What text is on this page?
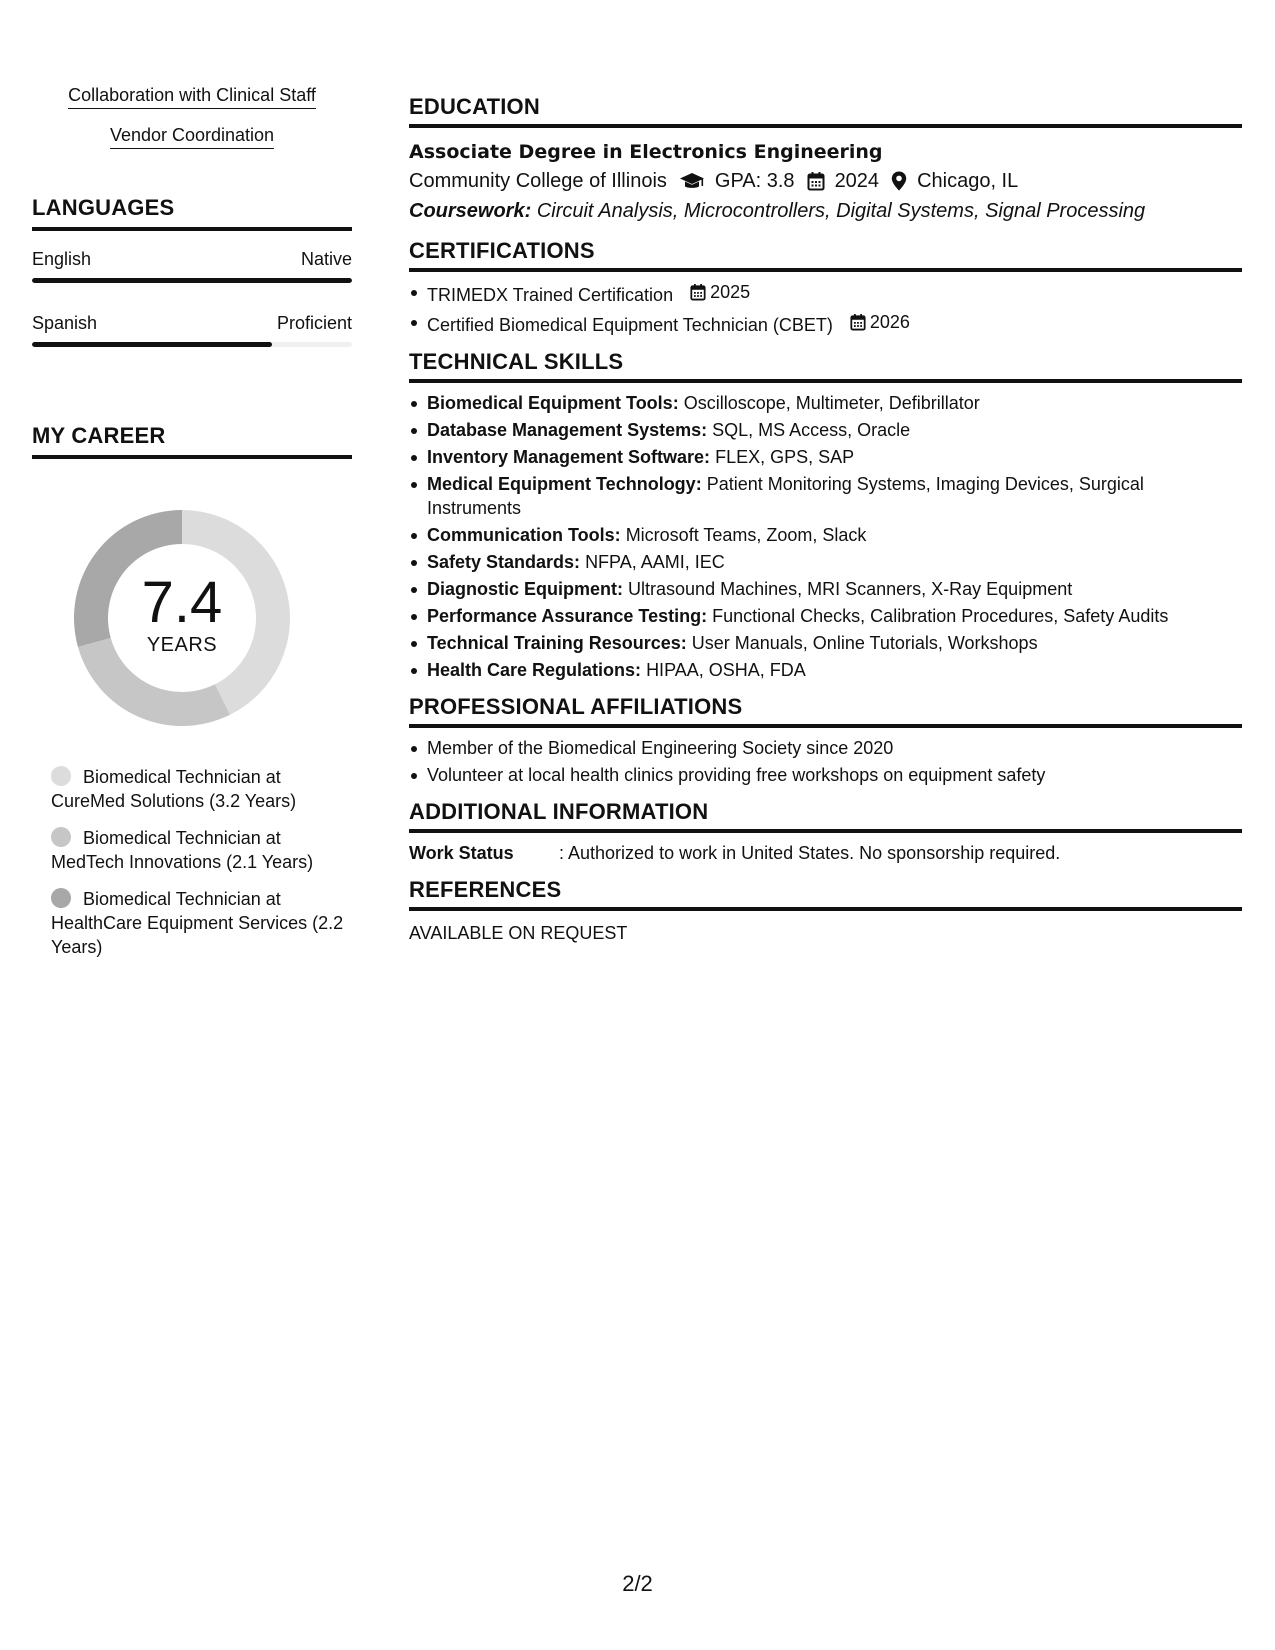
Collaboration with Clinical Staff
Vendor Coordination
LANGUAGES
English	Native
Spanish	Proficient
MY CAREER
7.4
YEARS
Biomedical Technician at CureMed Solutions (3.2 Years)
Biomedical Technician at MedTech Innovations (2.1 Years)
Biomedical Technician at HealthCare Equipment Services (2.2 Years)
EDUCATION
Associate Degree in Electronics Engineering
Community College of Illinois GPA: 3.8 2024 Chicago, IL
Coursework: Circuit Analysis, Microcontrollers, Digital Systems, Signal Processing
CERTIFICATIONS
TRIMEDX Trained Certification 2025
Certified Biomedical Equipment Technician (CBET) 2026
TECHNICAL SKILLS
Biomedical Equipment Tools: Oscilloscope, Multimeter, Defibrillator
Database Management Systems: SQL, MS Access, Oracle
Inventory Management Software: FLEX, GPS, SAP
Medical Equipment Technology: Patient Monitoring Systems, Imaging Devices, Surgical Instruments
Communication Tools: Microsoft Teams, Zoom, Slack
Safety Standards: NFPA, AAMI, IEC
Diagnostic Equipment: Ultrasound Machines, MRI Scanners, X-Ray Equipment
Performance Assurance Testing: Functional Checks, Calibration Procedures, Safety Audits
Technical Training Resources: User Manuals, Online Tutorials, Workshops
Health Care Regulations: HIPAA, OSHA, FDA
PROFESSIONAL AFFILIATIONS
Member of the Biomedical Engineering Society since 2020
Volunteer at local health clinics providing free workshops on equipment safety
ADDITIONAL INFORMATION
Work Status	: Authorized to work in United States. No sponsorship required.
REFERENCES
AVAILABLE ON REQUEST
2/2
